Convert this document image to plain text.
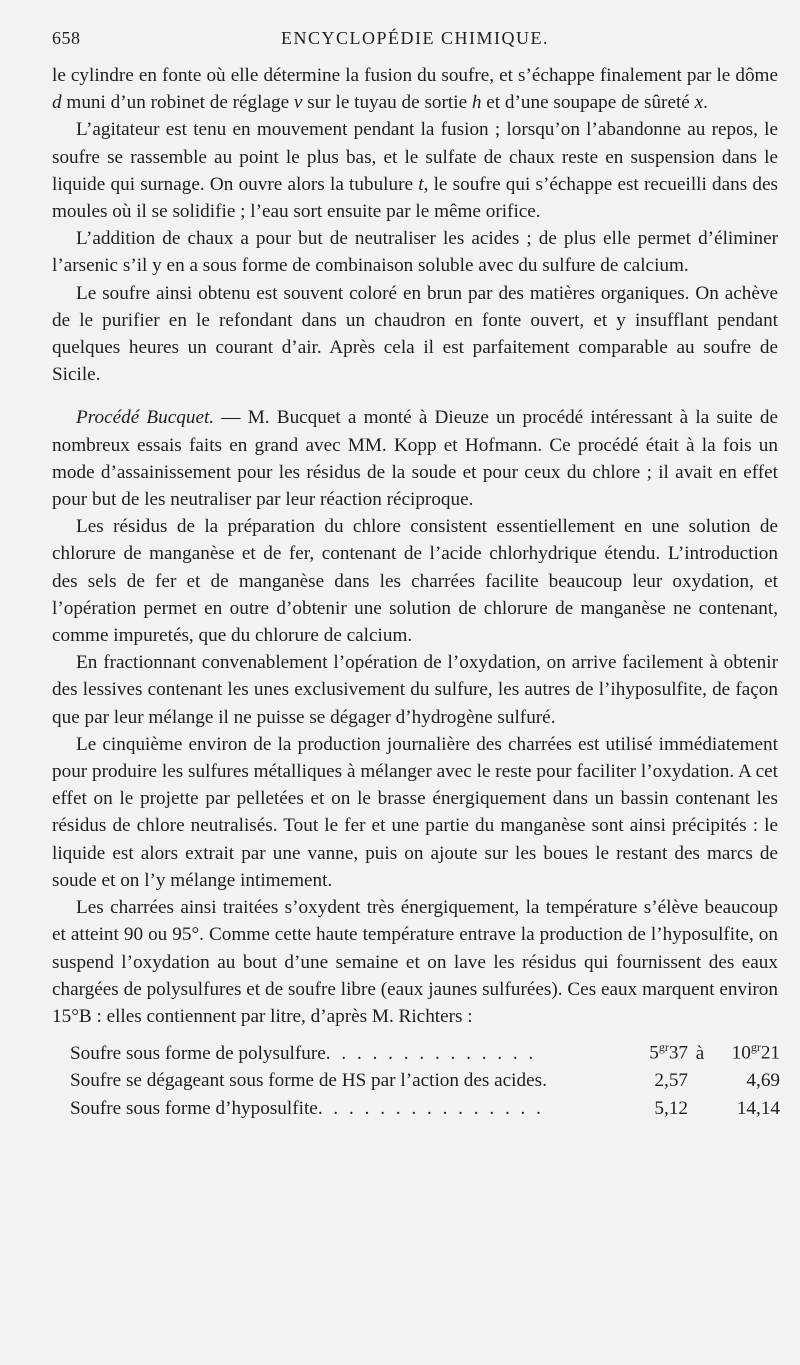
658	ENCYCLOPÉDIE CHIMIQUE.

le cylindre en fonte où elle détermine la fusion du soufre, et s’échappe finalement par le dôme d muni d’un robinet de réglage v sur le tuyau de sortie h et d’une soupape de sûreté x.

L’agitateur est tenu en mouvement pendant la fusion ; lorsqu’on l’abandonne au repos, le soufre se rassemble au point le plus bas, et le sulfate de chaux reste en suspension dans le liquide qui surnage. On ouvre alors la tubulure t, le soufre qui s’échappe est recueilli dans des moules où il se solidifie ; l’eau sort ensuite par le même orifice.

L’addition de chaux a pour but de neutraliser les acides ; de plus elle permet d’éliminer l’arsenic s’il y en a sous forme de combinaison soluble avec du sulfure de calcium.

Le soufre ainsi obtenu est souvent coloré en brun par des matières organiques. On achève de le purifier en le refondant dans un chaudron en fonte ouvert, et y insufflant pendant quelques heures un courant d’air. Après cela il est parfaitement comparable au soufre de Sicile.

Procédé Bucquet. — M. Bucquet a monté à Dieuze un procédé intéressant à la suite de nombreux essais faits en grand avec MM. Kopp et Hofmann. Ce procédé était à la fois un mode d’assainissement pour les résidus de la soude et pour ceux du chlore ; il avait en effet pour but de les neutraliser par leur réaction réciproque.

Les résidus de la préparation du chlore consistent essentiellement en une solution de chlorure de manganèse et de fer, contenant de l’acide chlorhydrique étendu. L’introduction des sels de fer et de manganèse dans les charrées facilite beaucoup leur oxydation, et l’opération permet en outre d’obtenir une solution de chlorure de manganèse ne contenant, comme impuretés, que du chlorure de calcium.

En fractionnant convenablement l’opération de l’oxydation, on arrive facilement à obtenir des lessives contenant les unes exclusivement du sulfure, les autres de l’ihyposulfite, de façon que par leur mélange il ne puisse se dégager d’hydrogène sulfuré.

Le cinquième environ de la production journalière des charrées est utilisé immédiatement pour produire les sulfures métalliques à mélanger avec le reste pour faciliter l’oxydation. A cet effet on le projette par pelletées et on le brasse énergiquement dans un bassin contenant les résidus de chlore neutralisés. Tout le fer et une partie du manganèse sont ainsi précipités : le liquide est alors extrait par une vanne, puis on ajoute sur les boues le restant des marcs de soude et on l’y mélange intimement.

Les charrées ainsi traitées s’oxydent très énergiquement, la température s’élève beaucoup et atteint 90 ou 95°. Comme cette haute température entrave la production de l’hyposulfite, on suspend l’oxydation au bout d’une semaine et on lave les résidus qui fournissent des eaux chargées de polysulfures et de soufre libre (eaux jaunes sulfurées). Ces eaux marquent environ 15°B : elles contiennent par litre, d’après M. Richters :

Soufre sous forme de polysulfure. . . . . . . . . . . . . .	$5^{gr}37$	à	$10^{gr}21$
Soufre se dégageant sous forme de HS par l’action des acides.	2,57		4,69
Soufre sous forme d’hyposulfite. . . . . . . . . . . . . . .	5,12		14,14
